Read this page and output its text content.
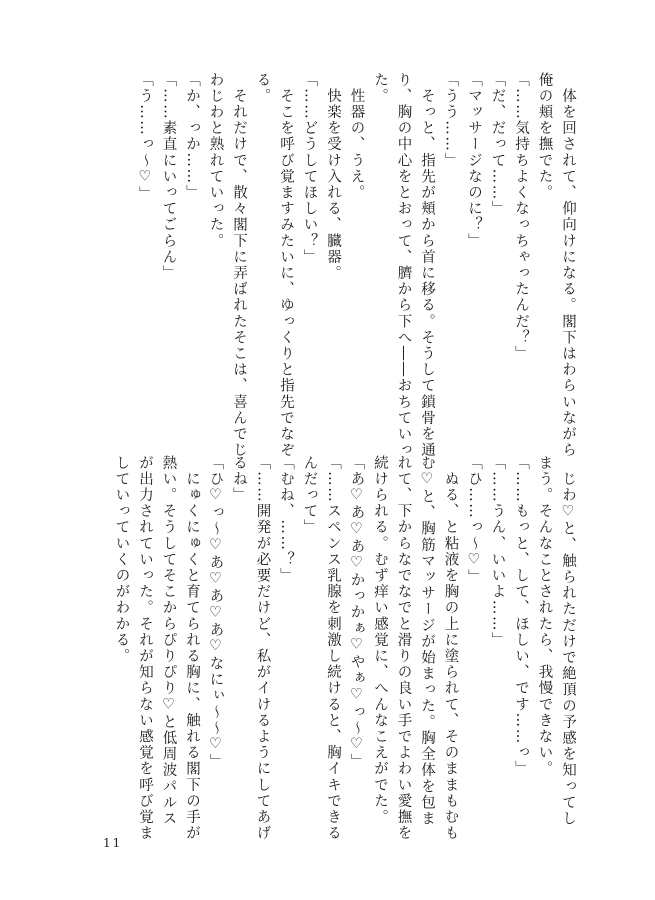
　体を回されて、仰向けになる。閣下はわらいながら
俺の頬を撫でた。
「……気持ちよくなっちゃったんだ？」
「だ、だって……」
「マッサージなのに？」
「うう……」
　そっと、指先が頬から首に移る。そうして鎖骨を通
り、胸の中心をとおって、臍から下へ――おちていっ
た。
　性器の、うえ。
　快楽を受け入れる、臓器。
「……どうしてほしい？」
　そこを呼び覚ますみたいに、ゆっくりと指先でなぞ
る。
　それだけで、散々閣下に弄ばれたそこは、喜んでじ
わじわと熟れていった。
「か、っか……」
「……素直にいってごらん」
「う……っ～♡」
　じわ♡と、触られただけで絶頂の予感を知ってし
まう。そんなことされたら、我慢できない。
「……もっと、して、ほしい、です……っ」
「……うん、いいよ……」
「ひ……っ～♡」
　ぬる、と粘液を胸の上に塗られて、そのままもむも
む♡と、胸筋マッサージが始まった。胸全体を包ま
れて、下からなでなでと滑りの良い手でよわい愛撫を
続けられる。むず痒い感覚に、へんなこえがでた。
「あ♡あ♡あ♡かっかぁ♡やぁ♡っ～♡」
「……スペンス乳腺を刺激し続けると、胸イキできる
んだって」
「むね、……？」
「……開発が必要だけど、私がイけるようにしてあげ
るね」
「ひ♡っ～♡あ♡あ♡あ♡なにぃ～～♡」
　にゅくにゅくと育てられる胸に、触れる閣下の手が
熱い。そうしてそこからぴりぴり♡と低周波パルス
が出力されていった。それが知らない感覚を呼び覚ま
していっていくのがわかる。
11
